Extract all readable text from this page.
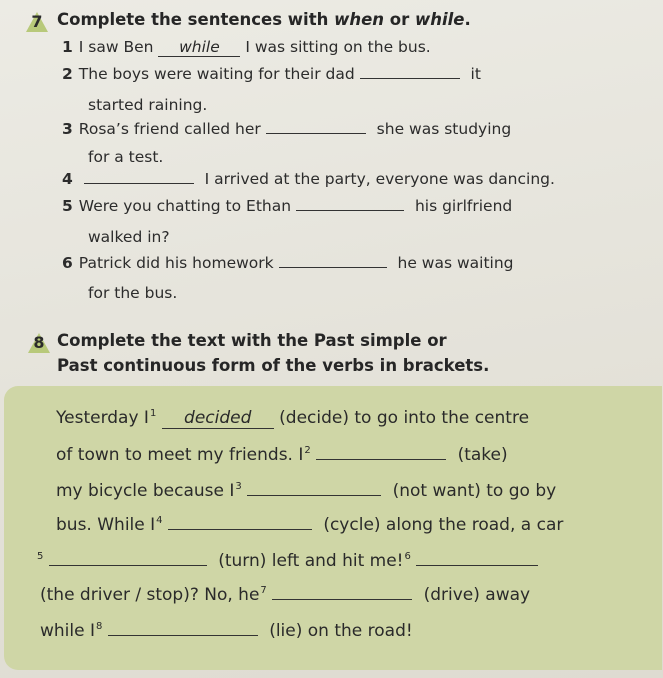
7 Complete the sentences with when or while.
1 I saw Ben while I was sitting on the bus.
2 The boys were waiting for their dad	it
started raining.
3 Rosa’s friend called her	she was studying
for a test.
4	I arrived at the party, everyone was dancing.
5 Were you chatting to Ethan	his girlfriend
walked in?
6 Patrick did his homework	he was waiting
for the bus.
8 Complete the text with the Past simple or
Past continuous form of the verbs in brackets.
Yesterday $I^1$ decided (decide) to go into the centre
of town to meet my friends. $I^2$	(take)
my bicycle because $I^3$	(not want) to go by
bus. While $I^4$	(cycle) along the road, a car
$^5$	(turn) left and hit me!$^6$
(the driver / stop)? No, $he^7$	(drive) away
while $I^8$	(lie) on the road!
